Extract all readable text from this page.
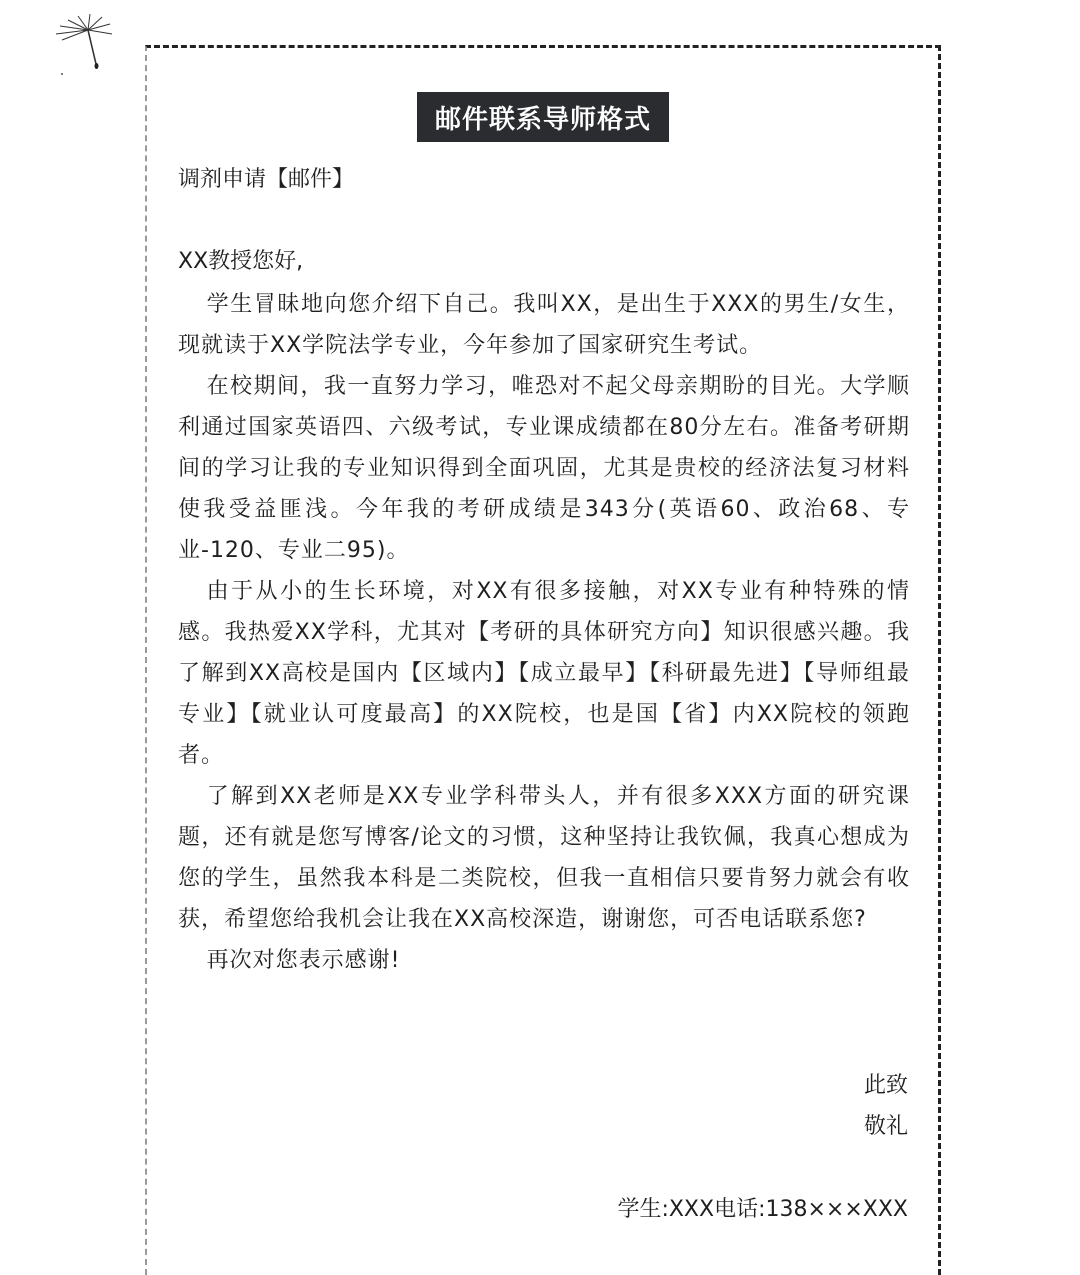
邮件联系导师格式

调剂申请【邮件】

XX教授您好,

学生冒昧地向您介绍下自己。我叫XX，是出生于XXX的男生/女生，现就读于XX学院法学专业，今年参加了国家研究生考试。

在校期间，我一直努力学习，唯恐对不起父母亲期盼的目光。大学顺利通过国家英语四、六级考试，专业课成绩都在80分左右。准备考研期间的学习让我的专业知识得到全面巩固，尤其是贵校的经济法复习材料使我受益匪浅。今年我的考研成绩是343分(英语60、政治68、专业-120、专业二95)。

由于从小的生长环境，对XX有很多接触，对XX专业有种特殊的情感。我热爱XX学科，尤其对【考研的具体研究方向】知识很感兴趣。我了解到XX高校是国内【区域内】【成立最早】【科研最先进】【导师组最专业】【就业认可度最高】的XX院校，也是国【省】内XX院校的领跑者。

了解到XX老师是XX专业学科带头人，并有很多XXX方面的研究课题，还有就是您写博客/论文的习惯，这种坚持让我钦佩，我真心想成为您的学生，虽然我本科是二类院校，但我一直相信只要肯努力就会有收获，希望您给我机会让我在XX高校深造，谢谢您，可否电话联系您?

再次对您表示感谢!

此致

敬礼

学生:XXX电话:138×××XXX
